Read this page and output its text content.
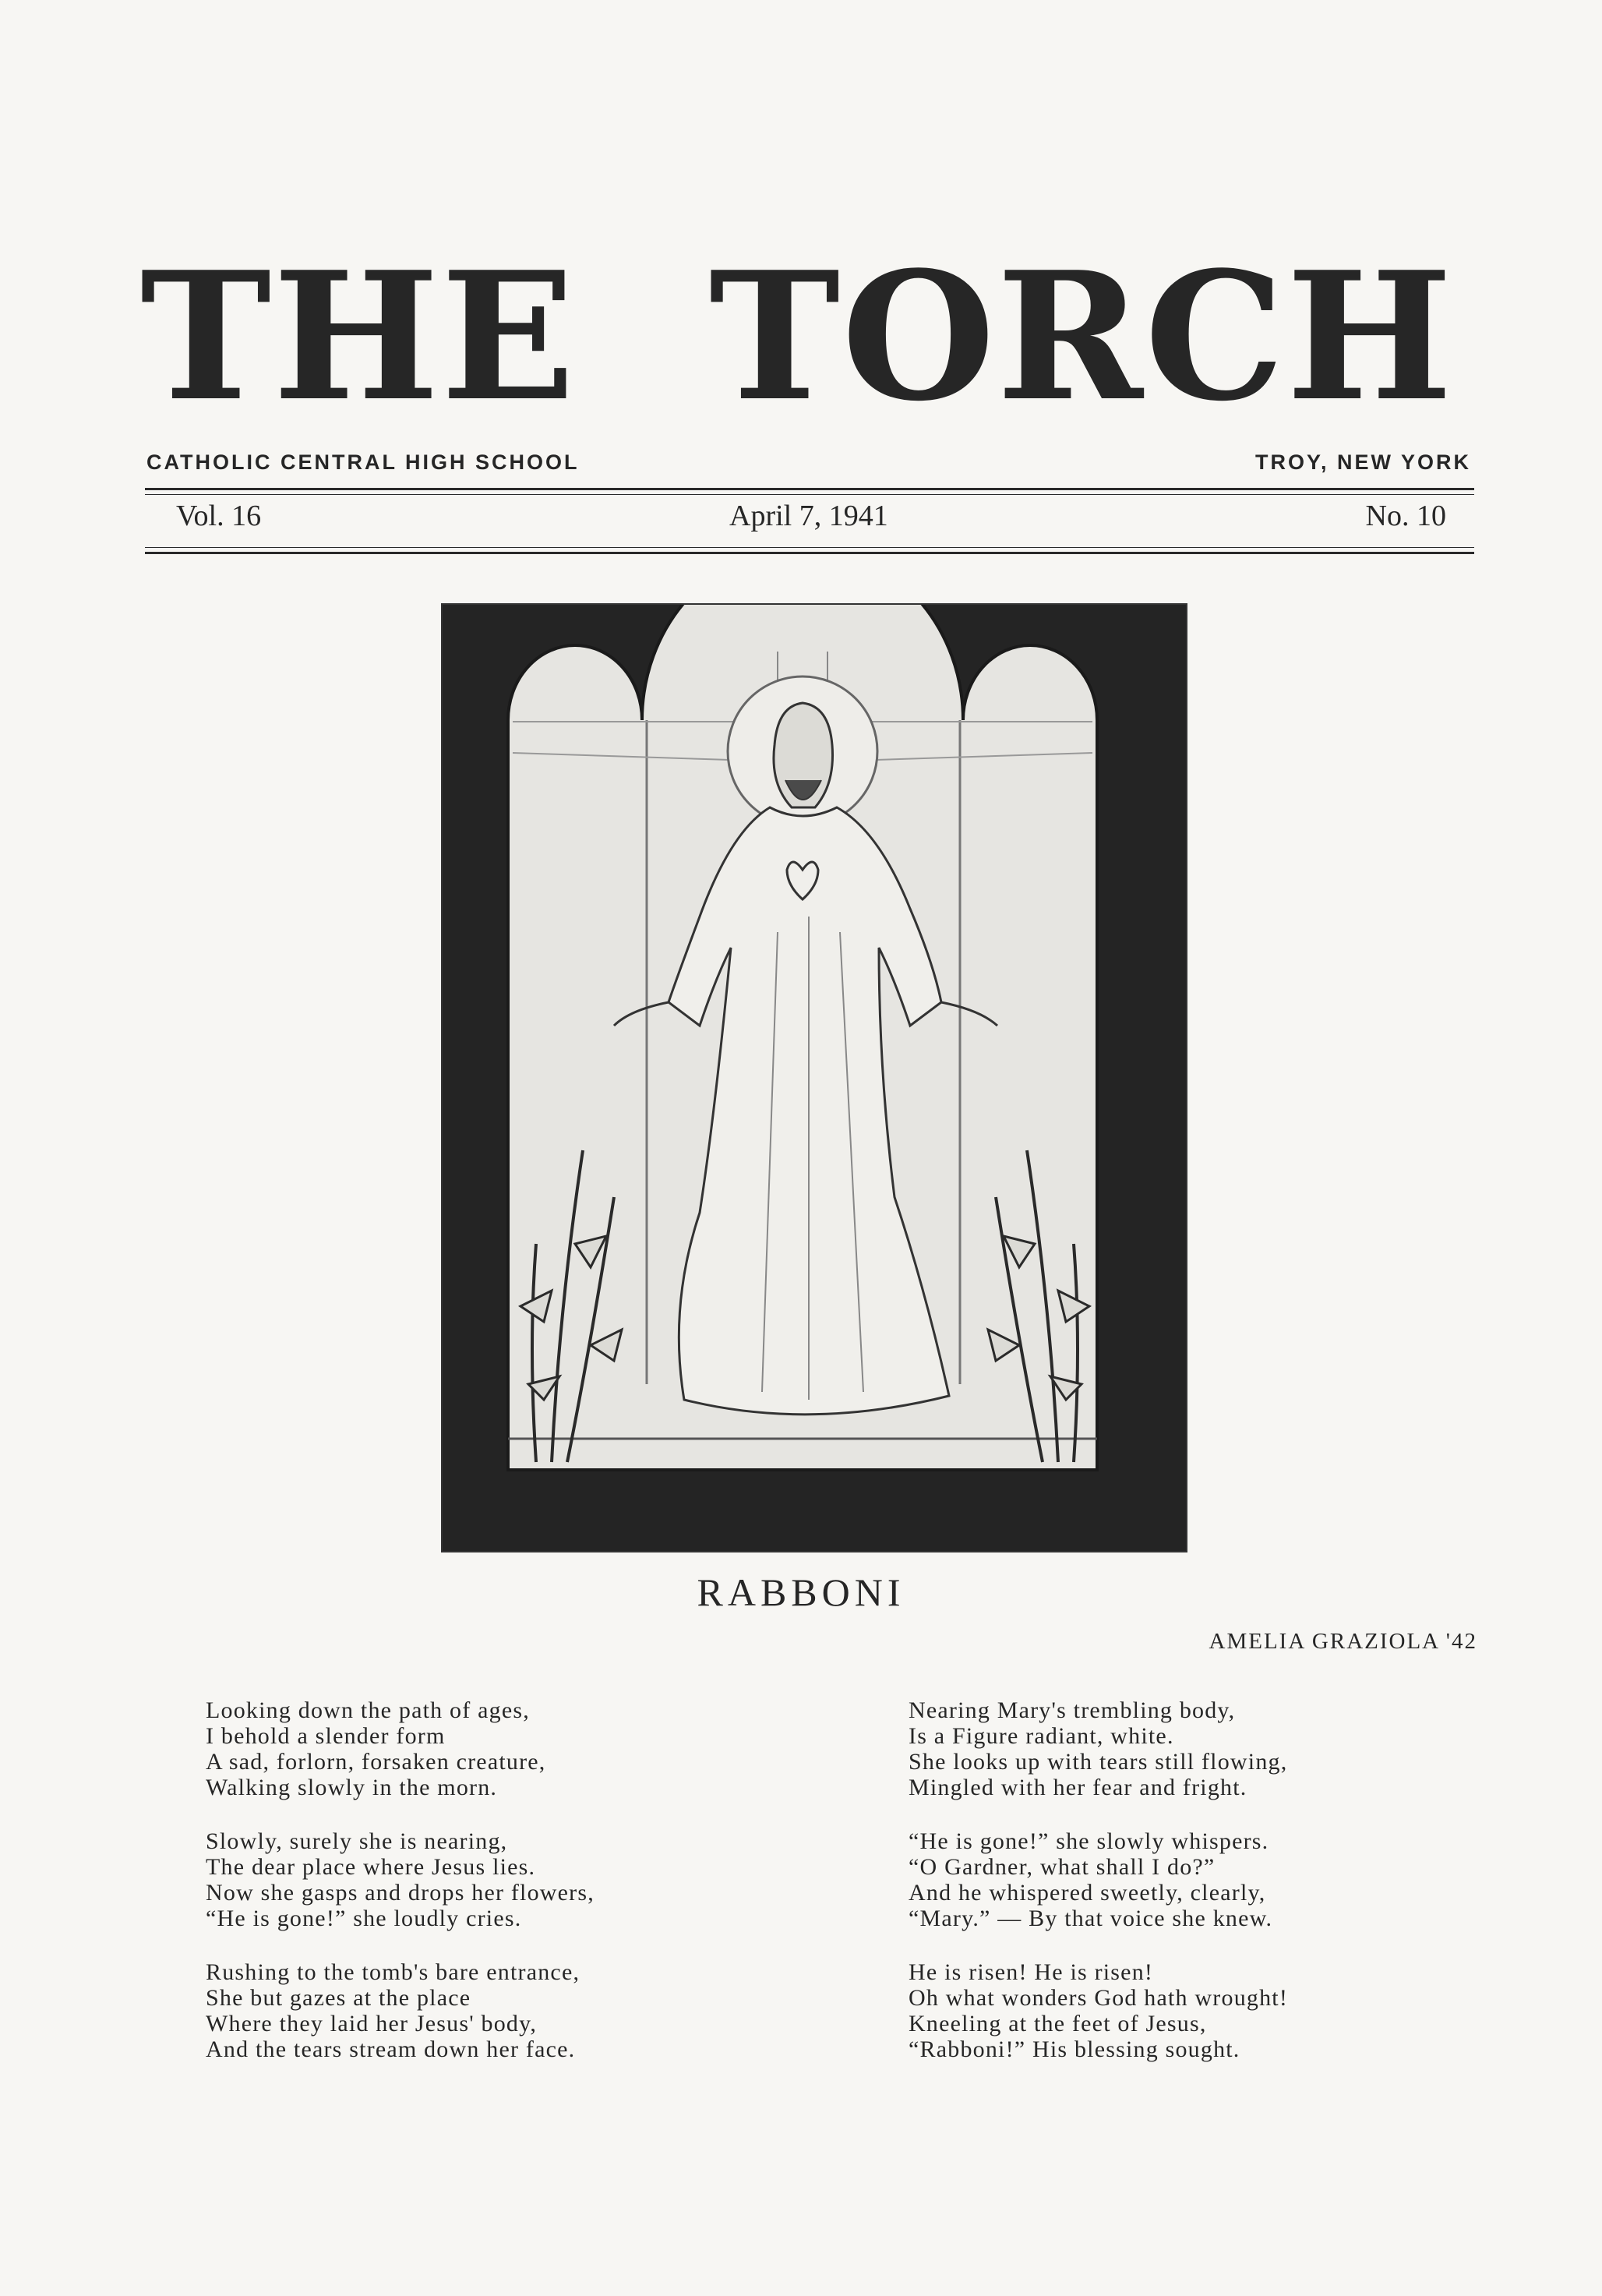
THE TORCH
CATHOLIC CENTRAL HIGH SCHOOL	TROY, NEW YORK
Vol. 16	April 7, 1941	No. 10
RABBONI
AMELIA GRAZIOLA '42
Looking down the path of ages,
I behold a slender form
A sad, forlorn, forsaken creature,
Walking slowly in the morn.
Slowly, surely she is nearing,
The dear place where Jesus lies.
Now she gasps and drops her flowers,
“He is gone!” she loudly cries.
Rushing to the tomb's bare entrance,
She but gazes at the place
Where they laid her Jesus' body,
And the tears stream down her face.
Nearing Mary's trembling body,
Is a Figure radiant, white.
She looks up with tears still flowing,
Mingled with her fear and fright.
“He is gone!” she slowly whispers.
“O Gardner, what shall I do?”
And he whispered sweetly, clearly,
“Mary.” — By that voice she knew.
He is risen! He is risen!
Oh what wonders God hath wrought!
Kneeling at the feet of Jesus,
“Rabboni!” His blessing sought.
